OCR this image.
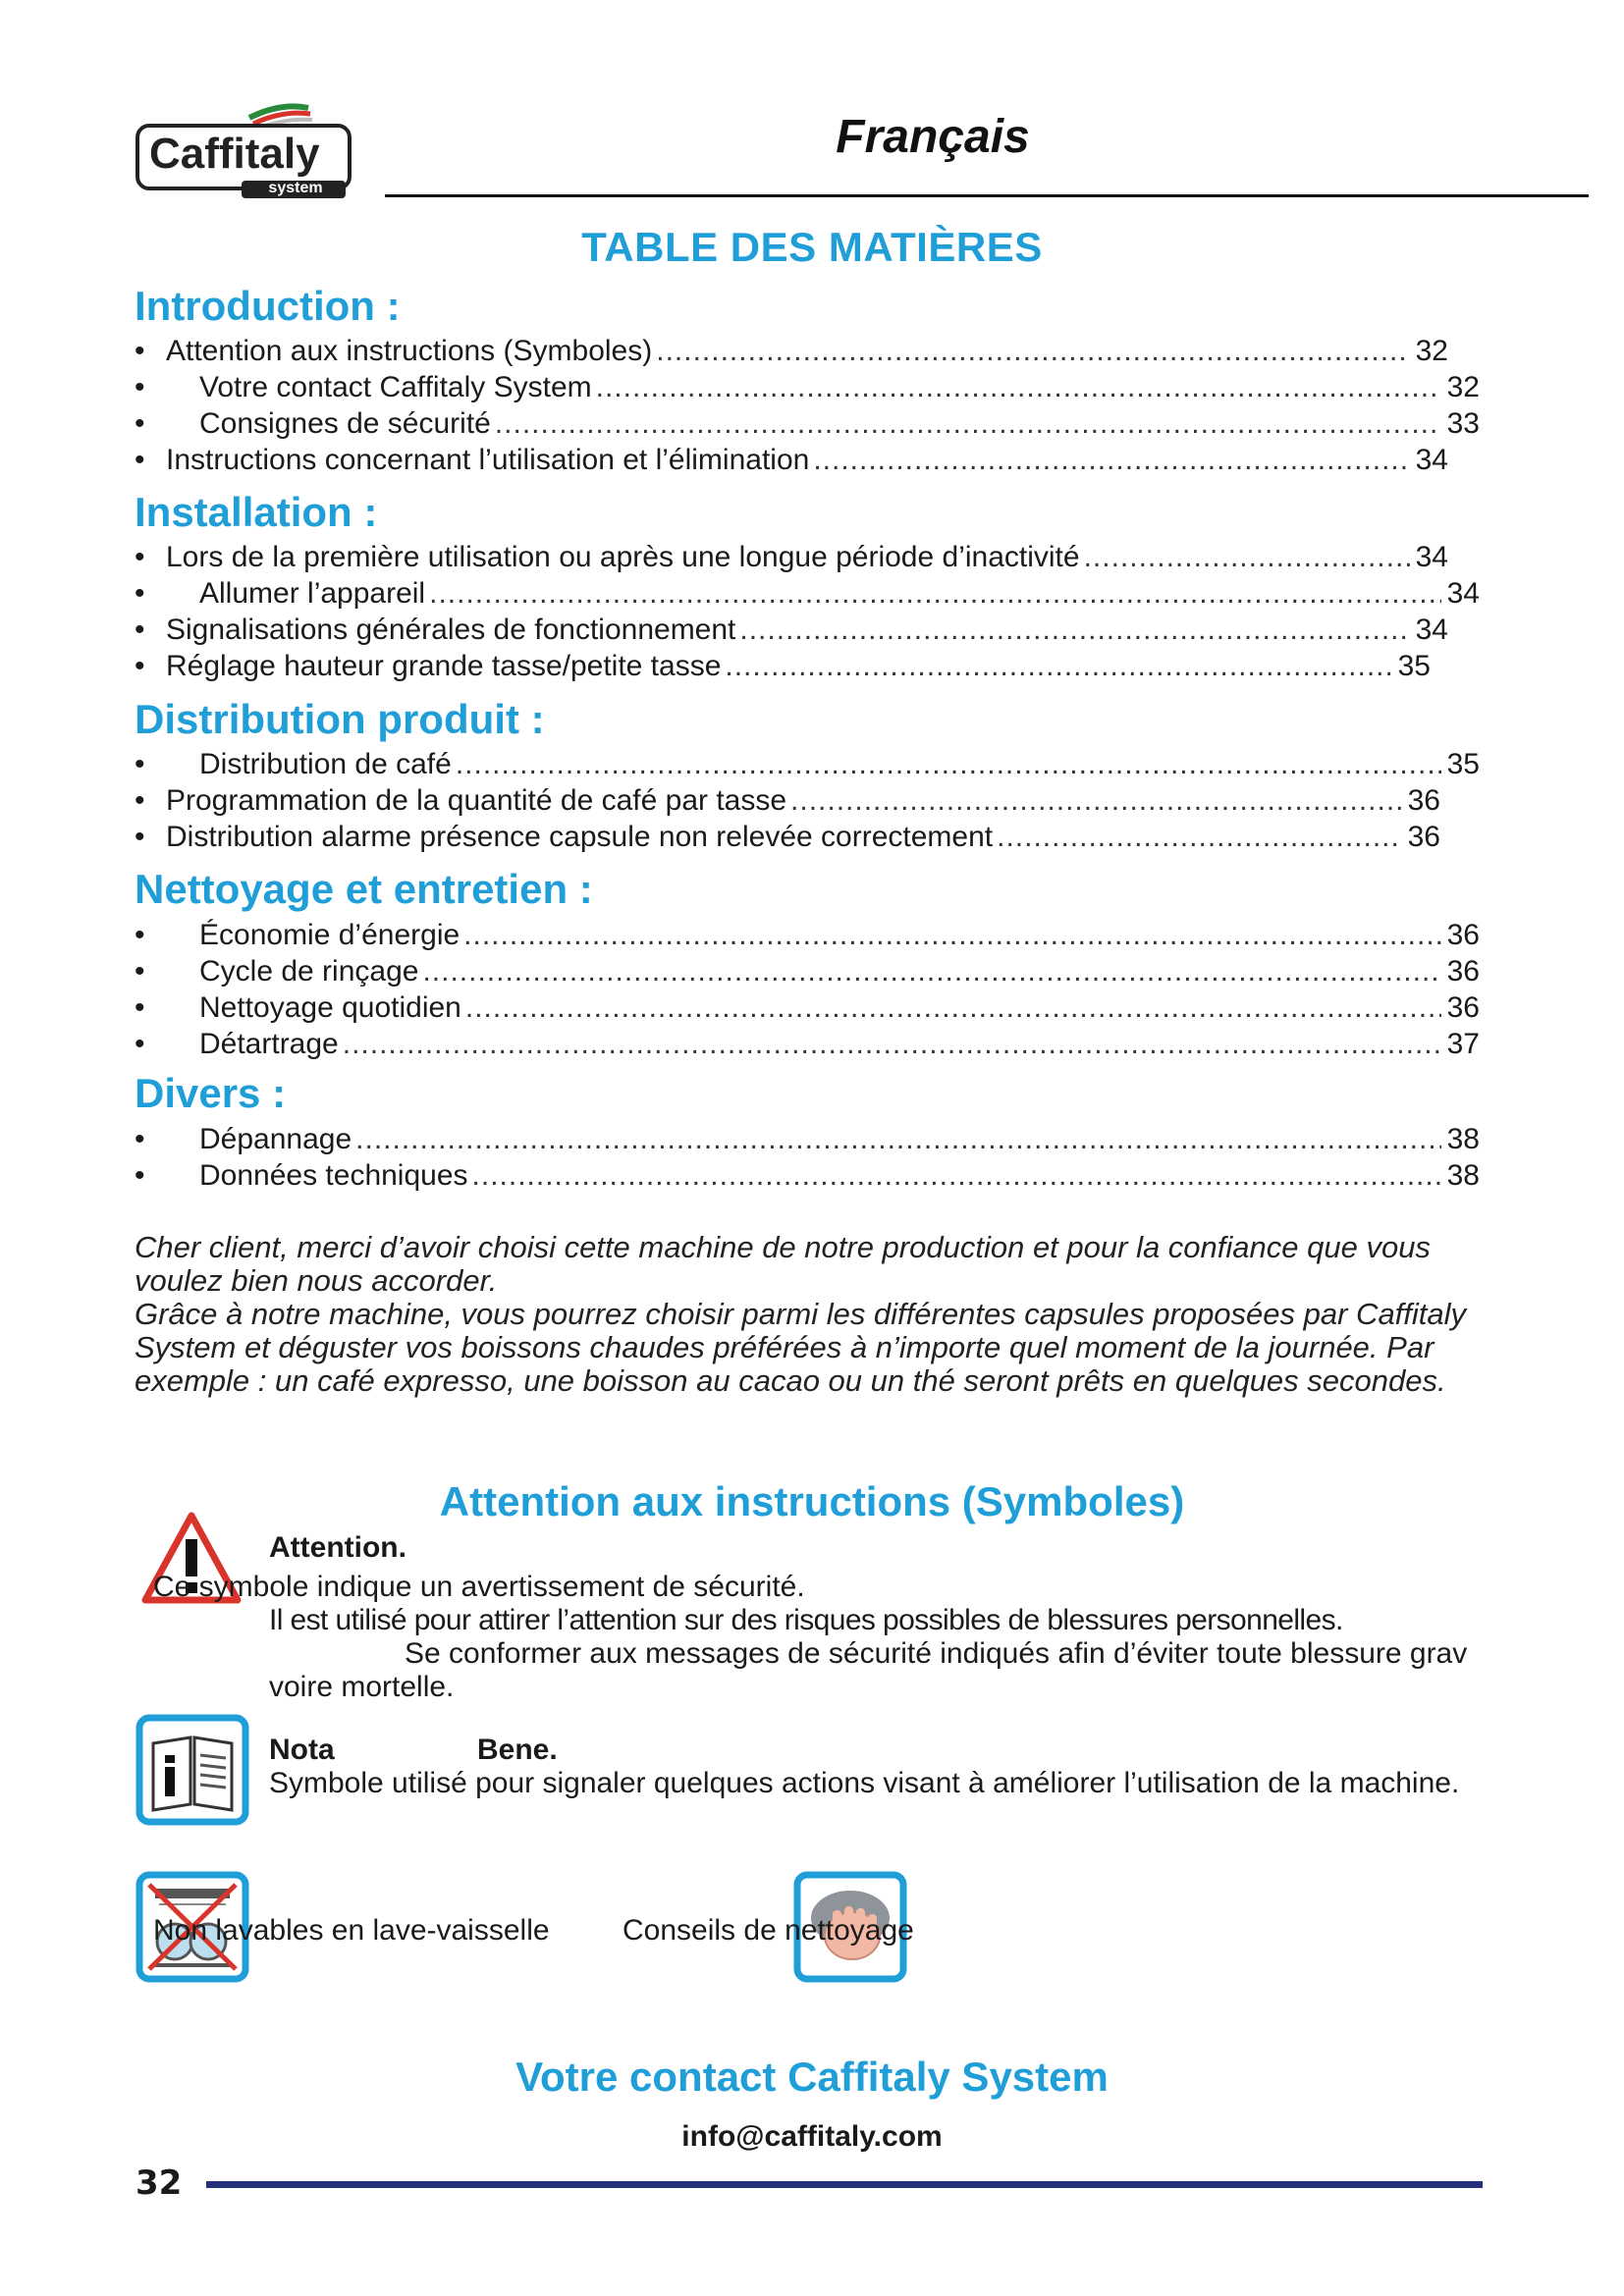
Caffitaly
system
Français
TABLE DES MATIÈRES
Introduction :
• Attention aux instructions (Symboles) .....	32
•	Votre contact Caffitaly System .....	32
•	Consignes de sécurité .....	33
• Instructions concernant l’utilisation et l’élimination .....	34
Installation :
• Lors de la première utilisation ou après une longue période d’inactivité .....	34
•	Allumer l’appareil .....	34
• Signalisations générales de fonctionnement .....	34
• Réglage hauteur grande tasse/petite tasse .....	35
Distribution produit :
•	Distribution de café .....	35
• Programmation de la quantité de café par tasse .....	36
• Distribution alarme présence capsule non relevée correctement .....	36
Nettoyage et entretien :
•	Économie d’énergie .....	36
•	Cycle de rinçage .....	36
•	Nettoyage quotidien .....	36
•	Détartrage .....	37
Divers :
•	Dépannage .....	38
•	Données techniques .....	38

Cher client, merci d’avoir choisi cette machine de notre production et pour la confiance que vous voulez bien nous accorder.

Grâce à notre machine, vous pourrez choisir parmi les différentes capsules proposées par Caffitaly System et déguster vos boissons chaudes préférées à n’importe quel moment de la journée. Par exemple : un café expresso, une boisson au cacao ou un thé seront prêts en quelques secondes.

Attention aux instructions (Symboles)
Attention.
Ce symbole indique un avertissement de sécurité.
Il est utilisé pour attirer l’attention sur des risques possibles de blessures personnelles.
Se conformer aux messages de sécurité indiqués afin d’éviter toute blessure grav
voire mortelle.
Nota	Bene.
Symbole utilisé pour signaler quelques actions visant à améliorer l’utilisation de la machine.
Non lavables en lave-vaisselle Conseils de nettoyage
Votre contact Caffitaly System
info@caffitaly.com
32
